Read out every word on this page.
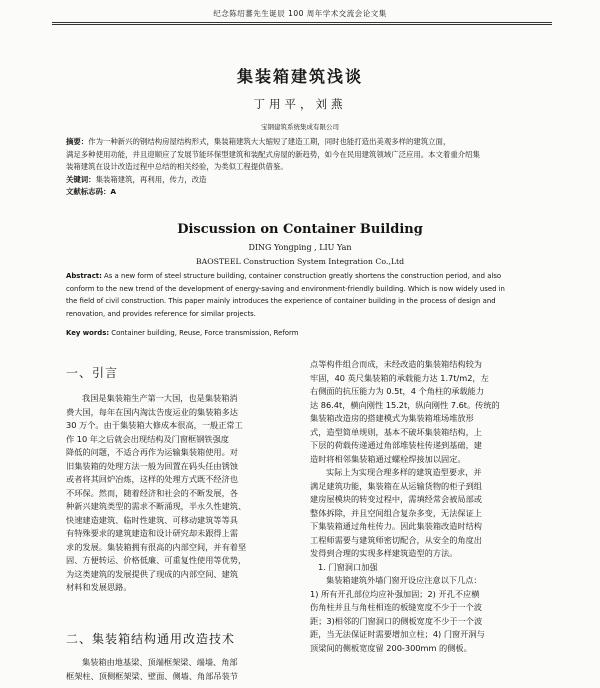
纪念陈绍蕃先生诞辰 100 周年学术交流会论文集
集装箱建筑浅谈
丁用平，刘燕
宝钢建筑系统集成有限公司
摘要：作为一种新兴的钢结构房屋结构形式，集装箱建筑大大缩短了建造工期，同时也能打造出美观多样的建筑立面，
满足多种使用功能，并且迎顺应了发展节能环保型建筑和装配式房屋的新趋势，如今在民用建筑领域广泛应用。本文着重介绍集
装箱建筑在设计改造过程中总结的相关经验，为类似工程提供借鉴。
关键词：集装箱建筑，再利用，传力，改造
文献标志码：A
Discussion on Container Building
DING Yongping , LIU Yan
BAOSTEEL Construction System Integration Co.,Ltd
Abstract: As a new form of steel structure building, container construction greatly shortens the construction period, and also
conform to the new trend of the development of energy-saving and environment-friendly building. Which is now widely used in
the field of civil construction. This paper mainly introduces the experience of container building in the process of design and
renovation, and provides reference for similar projects.
Key words: Container building, Reuse, Force transmission, Reform
一、引言
我国是集装箱生产第一大国，也是集装箱消
费大国，每年在国内淘汰告废运业的集装箱多达
30 万个。由于集装箱大修成本很高，一般正常工
作 10 年之后就会出现结构及门窗框钢铁强度
降低的问题，不适合再作为运输集装箱使用。对
旧集装箱的处理方法一般为回置在码头任由锈蚀
或者将其回炉冶炼，这样的处理方式既不经济也
不环保。然而，随着经济和社会的不断发展，各
种新兴建筑类型的需求不断涌现，半永久性建筑、
快速建造建筑、临时性建筑、可移动建筑等等具
有特殊要求的建筑建造和设计研究却未跟得上需
求的发展。集装箱拥有很高的内部空间，并有着坚
固、方便转运、价格低廉、可重复性使用等优势，
为这类建筑的发展提供了现成的内部空间、建筑
材料和发展思路。
二、集装箱结构通用改造技术
集装箱由地基梁、顶端框架梁、端墙、角部
框架柱、顶侧框架梁、壁面、侧墙、角部吊装节
点等构件组合而成，未经改造的集装箱结构较为
牢固，40 英尺集装箱的承载能力达 1.7t/m2，左
右侧面的抗压能力为 0.5t，4 个角柱的承载能力
达 86.4t，横向刚性 15.2t，纵向刚性 7.6t。传统的
集装箱改造房的搭建模式为集装箱堆场堆放形
式，造型简单规则，基本不破坏集装箱结构，上
下层的荷载传递通过角部堆装柱传递到基础，建
造时将相邻集装箱通过螺栓焊接加以固定。
实际上为实现合理多样的建筑造型要求，并
满足建筑功能，集装箱在从运输货物的柜子到组
建房屋模块的转变过程中，需填经常会被局部或
整体拆除，并且空间组合复杂多变，无法保证上
下集装箱通过角柱传力。因此集装箱改造时结构
工程师需要与建筑师密切配合，从安全的角度出
发得到合理的实现多样建筑造型的方法。
1. 门窗洞口加强
集装箱建筑外墙门窗开设应注意以下几点：
1) 所有开孔部位均应补强加固；2) 开孔不应横
伤角柱并且与角柱相连的板缝宽度不少于一个波
距；3)相邻的门窗洞口的侧板宽度不少于一个波
距，当无法保证时需要增加立柱；4) 门窗开洞与
顶梁间的侧板宽度留 200-300mm 的侧板。
